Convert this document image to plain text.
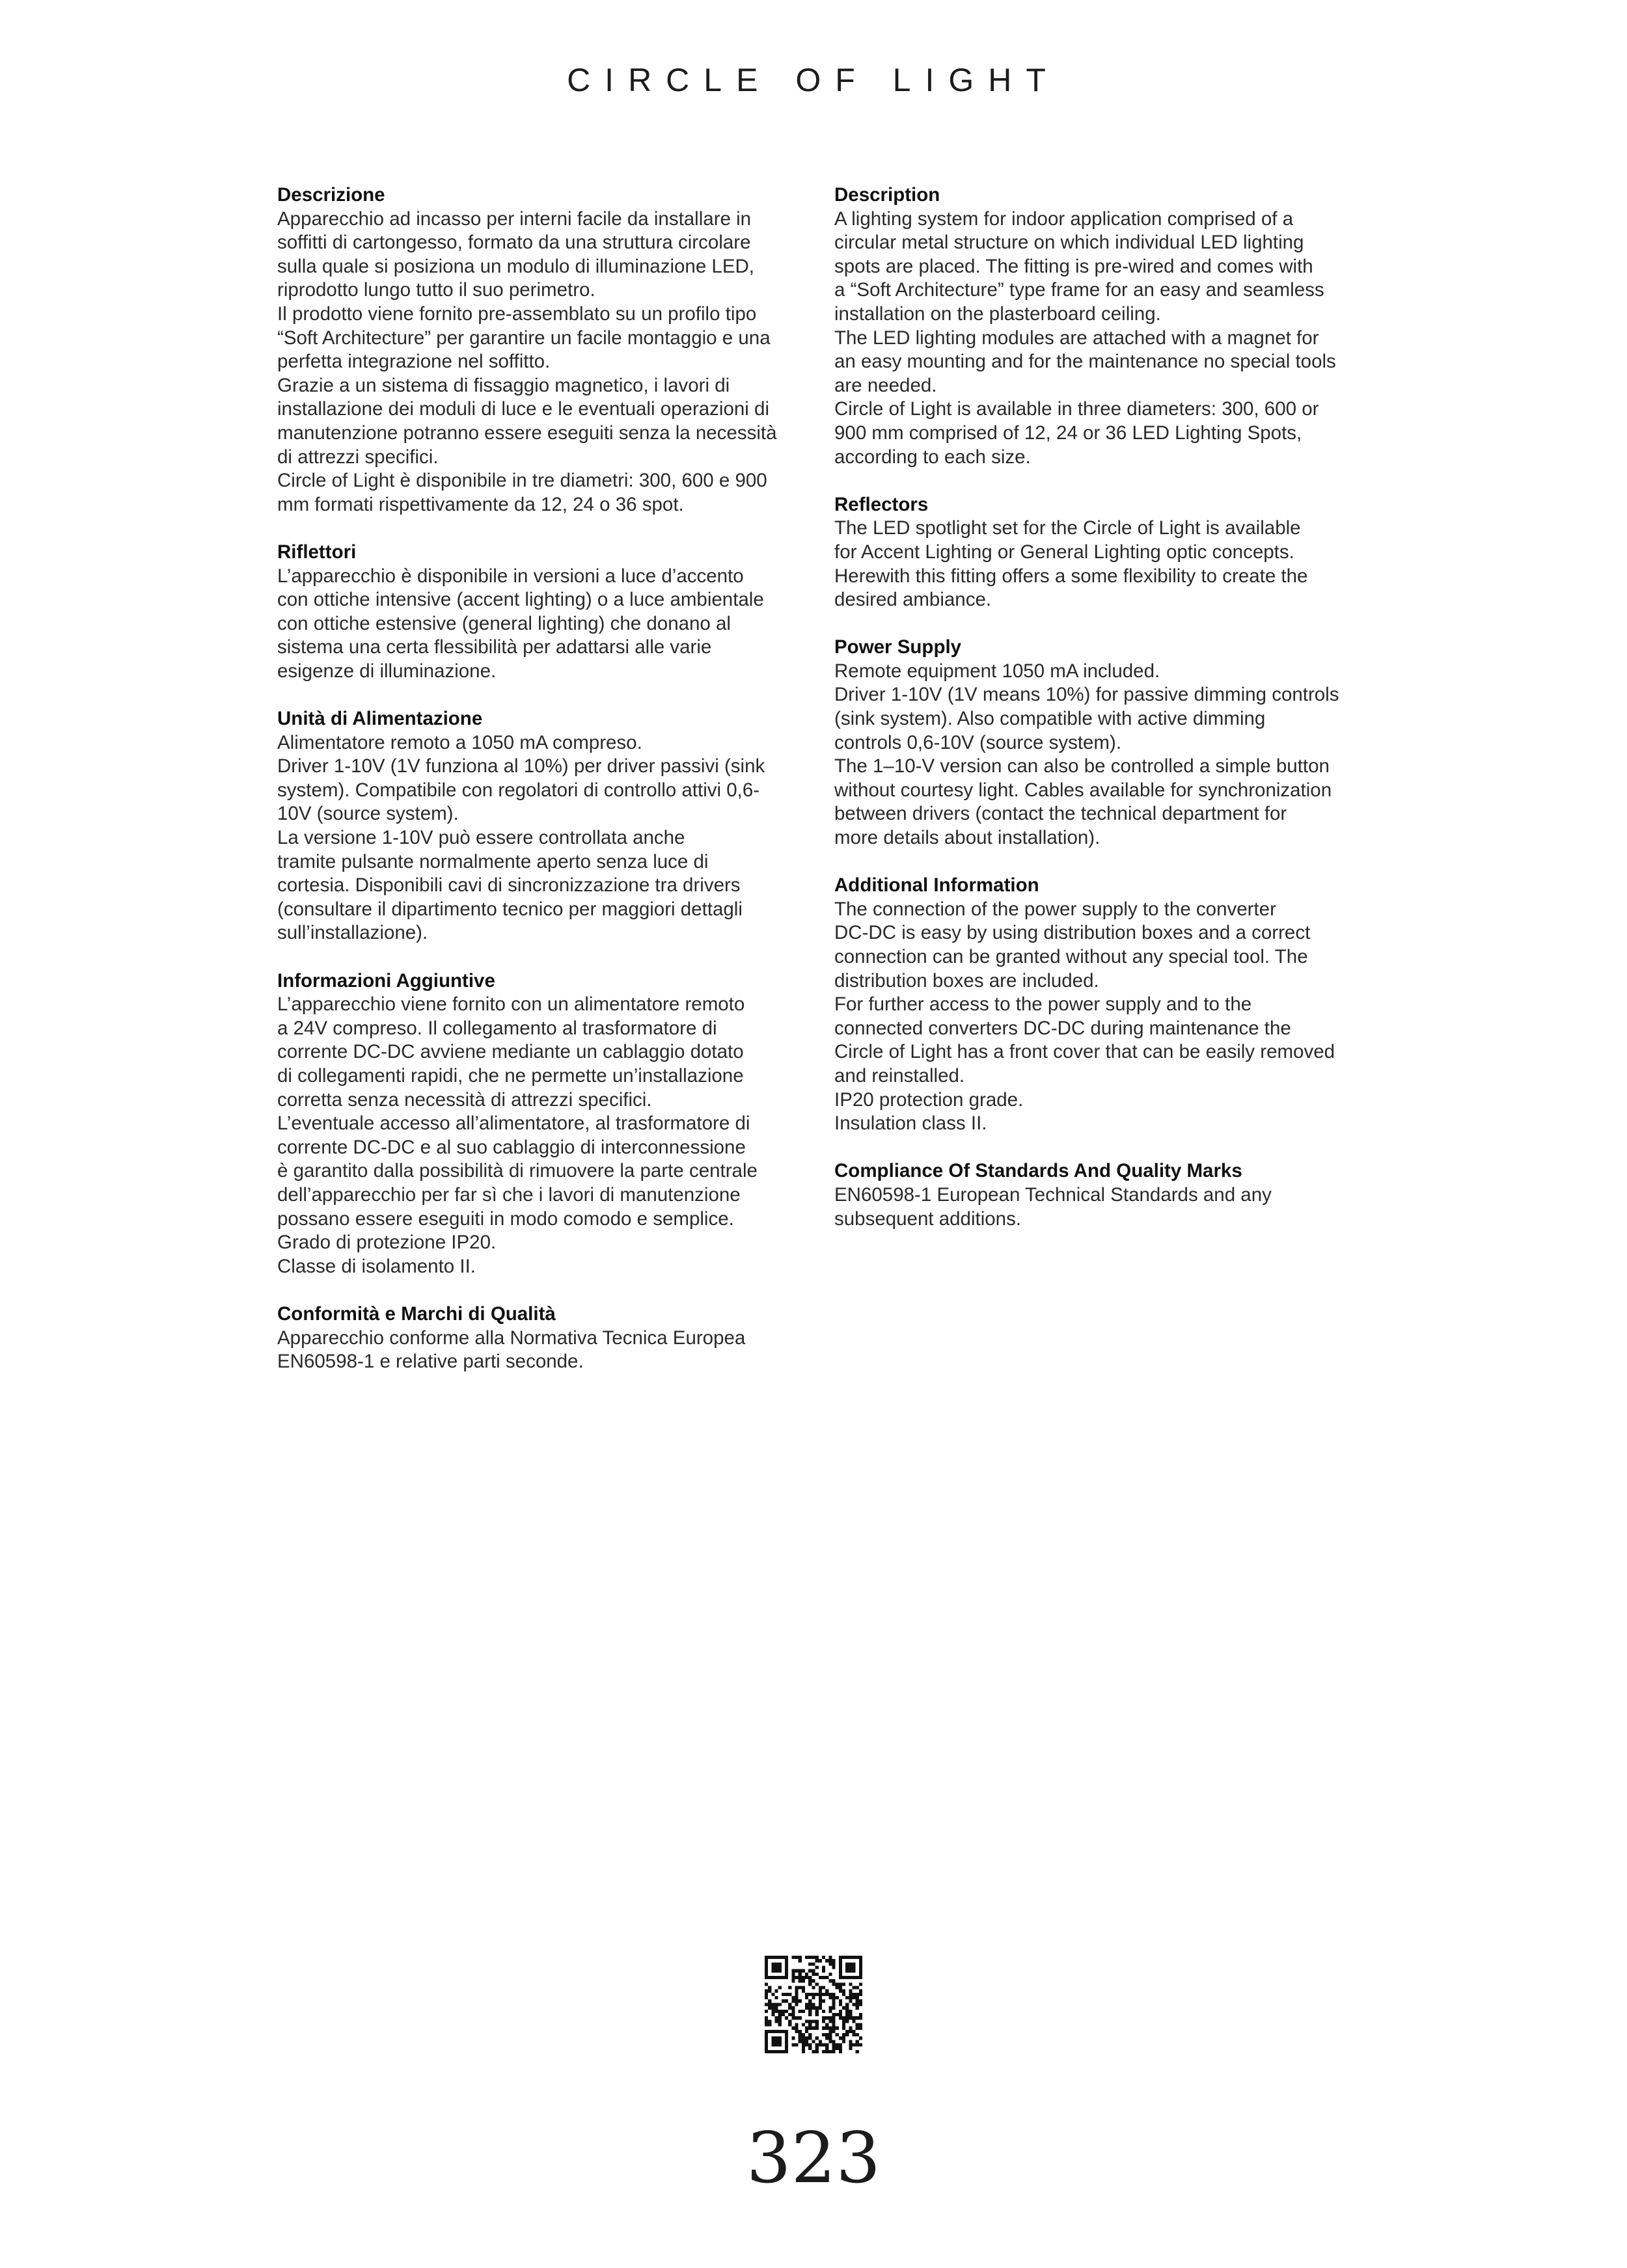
CIRCLE OF LIGHT
Descrizione
Apparecchio ad incasso per interni facile da installare in
soffitti di cartongesso, formato da una struttura circolare
sulla quale si posiziona un modulo di illuminazione LED,
riprodotto lungo tutto il suo perimetro.
Il prodotto viene fornito pre-assemblato su un profilo tipo
“Soft Architecture” per garantire un facile montaggio e una
perfetta integrazione nel soffitto.
Grazie a un sistema di fissaggio magnetico, i lavori di
installazione dei moduli di luce e le eventuali operazioni di
manutenzione potranno essere eseguiti senza la necessità
di attrezzi specifici.
Circle of Light è disponibile in tre diametri: 300, 600 e 900
mm formati rispettivamente da 12, 24 o 36 spot.
Riflettori
L’apparecchio è disponibile in versioni a luce d’accento
con ottiche intensive (accent lighting) o a luce ambientale
con ottiche estensive (general lighting) che donano al
sistema una certa flessibilità per adattarsi alle varie
esigenze di illuminazione.
Unità di Alimentazione
Alimentatore remoto a 1050 mA compreso.
Driver 1-10V (1V funziona al 10%) per driver passivi (sink
system). Compatibile con regolatori di controllo attivi 0,6-
10V (source system).
La versione 1-10V può essere controllata anche
tramite pulsante normalmente aperto senza luce di
cortesia. Disponibili cavi di sincronizzazione tra drivers
(consultare il dipartimento tecnico per maggiori dettagli
sull’installazione).
Informazioni Aggiuntive
L’apparecchio viene fornito con un alimentatore remoto
a 24V compreso. Il collegamento al trasformatore di
corrente DC-DC avviene mediante un cablaggio dotato
di collegamenti rapidi, che ne permette un’installazione
corretta senza necessità di attrezzi specifici.
L’eventuale accesso all’alimentatore, al trasformatore di
corrente DC-DC e al suo cablaggio di interconnessione
è garantito dalla possibilità di rimuovere la parte centrale
dell’apparecchio per far sì che i lavori di manutenzione
possano essere eseguiti in modo comodo e semplice.
Grado di protezione IP20.
Classe di isolamento II.
Conformità e Marchi di Qualità
Apparecchio conforme alla Normativa Tecnica Europea
EN60598-1 e relative parti seconde.
Description
A lighting system for indoor application comprised of a
circular metal structure on which individual LED lighting
spots are placed. The fitting is pre-wired and comes with
a “Soft Architecture” type frame for an easy and seamless
installation on the plasterboard ceiling.
The LED lighting modules are attached with a magnet for
an easy mounting and for the maintenance no special tools
are needed.
Circle of Light is available in three diameters: 300, 600 or
900 mm comprised of 12, 24 or 36 LED Lighting Spots,
according to each size.
Reflectors
The LED spotlight set for the Circle of Light is available
for Accent Lighting or General Lighting optic concepts.
Herewith this fitting offers a some flexibility to create the
desired ambiance.
Power Supply
Remote equipment 1050 mA included.
Driver 1-10V (1V means 10%) for passive dimming controls
(sink system). Also compatible with active dimming
controls 0,6-10V (source system).
The 1–10-V version can also be controlled a simple button
without courtesy light. Cables available for synchronization
between drivers (contact the technical department for
more details about installation).
Additional Information
The connection of the power supply to the converter
DC-DC is easy by using distribution boxes and a correct
connection can be granted without any special tool. The
distribution boxes are included.
For further access to the power supply and to the
connected converters DC-DC during maintenance the
Circle of Light has a front cover that can be easily removed
and reinstalled.
IP20 protection grade.
Insulation class II.
Compliance Of Standards And Quality Marks
EN60598-1 European Technical Standards and any
subsequent additions.
323
